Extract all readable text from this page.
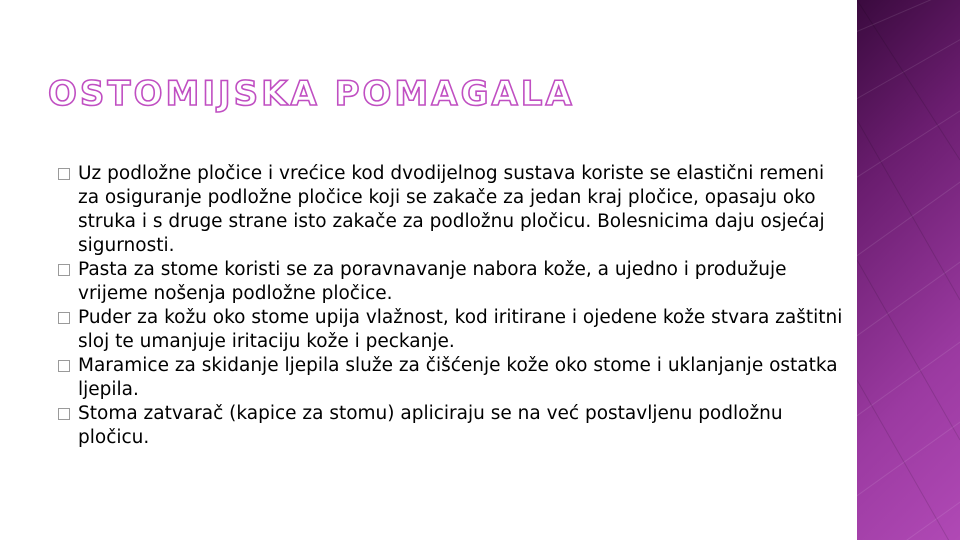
OSTOMIJSKA POMAGALA
Uz podložne pločice i vrećice kod dvodijelnog sustava koriste se elastični remeni za osiguranje podložne pločice koji se zakače za jedan kraj pločice, opasaju oko struka i s druge strane isto zakače za podložnu pločicu. Bolesnicima daju osjećaj sigurnosti.
Pasta za stome koristi se za poravnavanje nabora kože, a ujedno i produžuje vrijeme nošenja podložne pločice.
Puder za kožu oko stome upija vlažnost, kod iritirane i ojedene kože stvara zaštitni sloj te umanjuje iritaciju kože i peckanje.
Maramice za skidanje ljepila služe za čišćenje kože oko stome i uklanjanje ostatka ljepila.
Stoma zatvarač (kapice za stomu) apliciraju se na već postavljenu podložnu pločicu.
